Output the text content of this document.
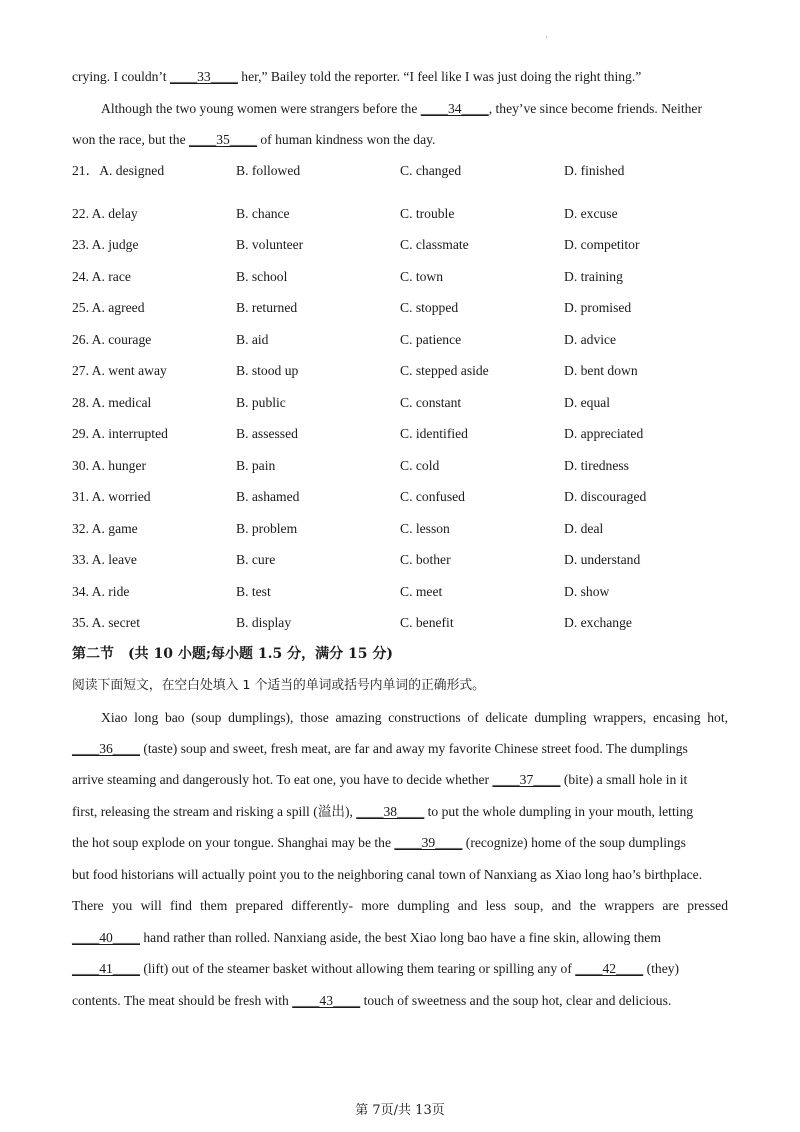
·
crying. I couldn’t ____33____ her,” Bailey told the reporter. “I feel like I was just doing the right thing.”
Although the two young women were strangers before the ____34____, they’ve since become friends. Neither
won the race, but the ____35____ of human kindness won the day.
21．A. designed	B. followed	C. changed	D. finished
22. A. delay	B. chance	C. trouble	D. excuse
23. A. judge	B. volunteer	C. classmate	D. competitor
24. A. race	B. school	C. town	D. training
25. A. agreed	B. returned	C. stopped	D. promised
26. A. courage	B. aid	C. patience	D. advice
27. A. went away	B. stood up	C. stepped aside	D. bent down
28. A. medical	B. public	C. constant	D. equal
29. A. interrupted	B. assessed	C. identified	D. appreciated
30. A. hunger	B. pain	C. cold	D. tiredness
31. A. worried	B. ashamed	C. confused	D. discouraged
32. A. game	B. problem	C. lesson	D. deal
33. A. leave	B. cure	C. bother	D. understand
34. A. ride	B. test	C. meet	D. show
35. A. secret	B. display	C. benefit	D. exchange
第二节　(共 10 小题;每小题 1.5 分，满分 15 分)
阅读下面短文，在空白处填入 1 个适当的单词或括号内单词的正确形式。
Xiao long bao (soup dumplings), those amazing constructions of delicate dumpling wrappers, encasing hot,
____36____ (taste) soup and sweet, fresh meat, are far and away my favorite Chinese street food. The dumplings
arrive steaming and dangerously hot. To eat one, you have to decide whether ____37____ (bite) a small hole in it
first, releasing the stream and risking a spill (溢出), ____38____ to put the whole dumpling in your mouth, letting
the hot soup explode on your tongue. Shanghai may be the ____39____ (recognize) home of the soup dumplings
but food historians will actually point you to the neighboring canal town of Nanxiang as Xiao long hao’s birthplace.
There you will find them prepared differently- more dumpling and less soup, and the wrappers are pressed
____40____ hand rather than rolled. Nanxiang aside, the best Xiao long bao have a fine skin, allowing them
____41____ (lift) out of the steamer basket without allowing them tearing or spilling any of ____42____ (they)
contents. The meat should be fresh with ____43____ touch of sweetness and the soup hot, clear and delicious.
第 7页/共 13页
